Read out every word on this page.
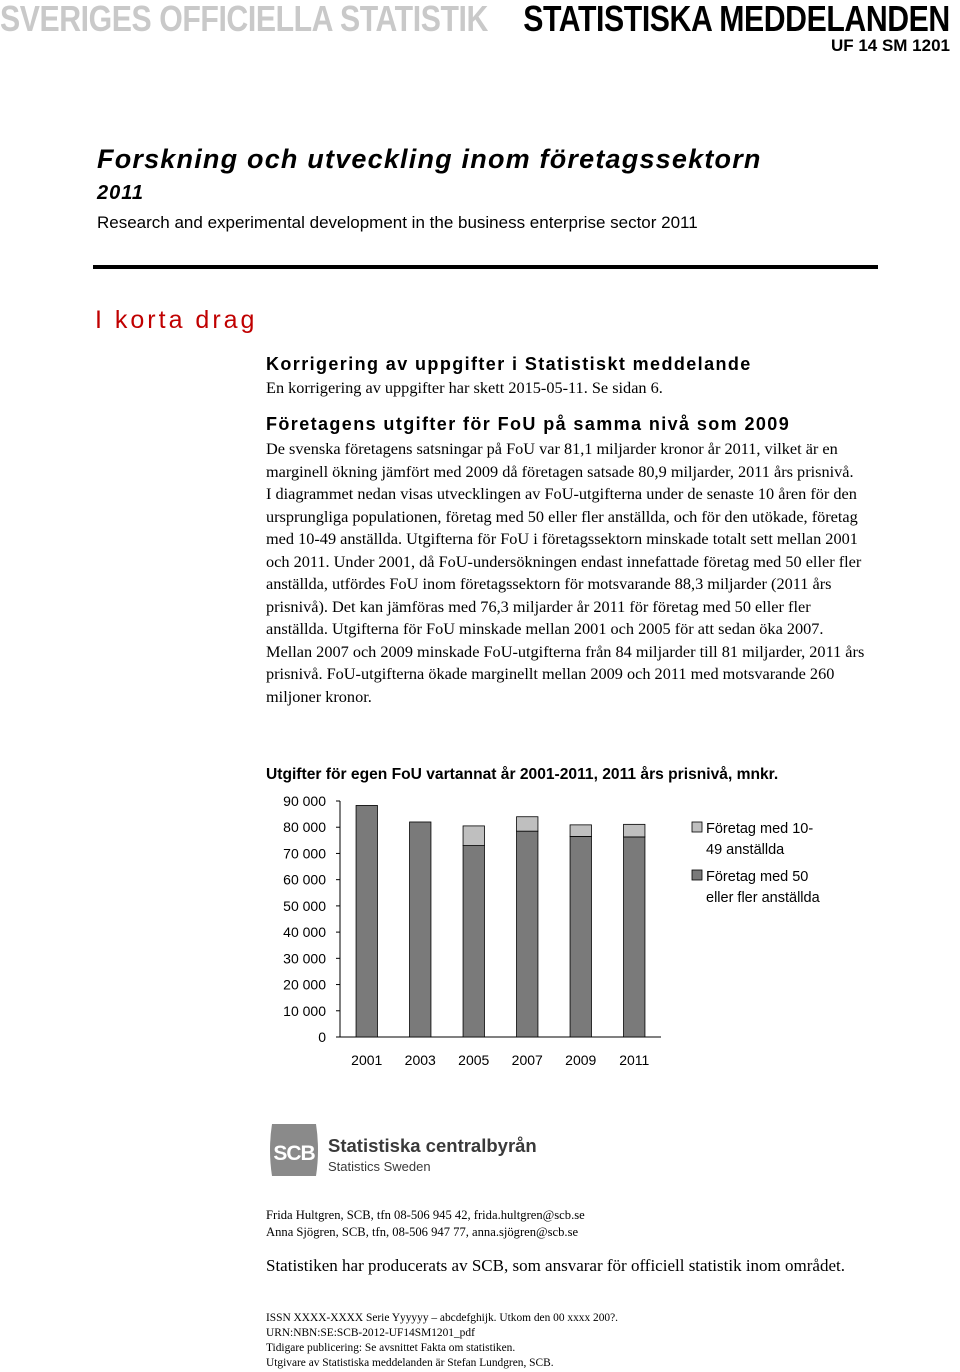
SVERIGES OFFICIELLA STATISTIK STATISTISKA MEDDELANDEN
UF 14 SM 1201
Forskning och utveckling inom företagssektorn
2011
Research and experimental development in the business enterprise sector 2011
I korta drag
Korrigering av uppgifter i Statistiskt meddelande

En korrigering av uppgifter har skett 2015-05-11. Se sidan 6.

Företagens utgifter för FoU på samma nivå som 2009

De svenska företagens satsningar på FoU var 81,1 miljarder kronor år 2011, vilket är en marginell ökning jämfört med 2009 då företagen satsade 80,9 miljarder, 2011 års prisnivå.

I diagrammet nedan visas utvecklingen av FoU-utgifterna under de senaste 10 åren för den ursprungliga populationen, företag med 50 eller fler anställda, och för den utökade, företag med 10-49 anställda. Utgifterna för FoU i företagssektorn minskade totalt sett mellan 2001 och 2011. Under 2001, då FoU-undersökningen endast innefattade företag med 50 eller fler anställda, utfördes FoU inom företagssektorn för motsvarande 88,3 miljarder (2011 års prisnivå). Det kan jämföras med 76,3 miljarder år 2011 för företag med 50 eller fler anställda. Utgifterna för FoU minskade mellan 2001 och 2005 för att sedan öka 2007. Mellan 2007 och 2009 minskade FoU-utgifterna från 84 miljarder till 81 miljarder, 2011 års prisnivå. FoU-utgifterna ökade marginellt mellan 2009 och 2011 med motsvarande 260 miljoner kronor.

Utgifter för egen FoU vartannat år 2001-2011, 2011 års prisnivå, mnkr.
0
10 000
20 000
30 000
40 000
50 000
60 000
70 000
80 000
90 000
2001 2003 2005 2007 2009 2011
Företag med 10-
49 anställda
Företag med 50
eller fler anställda
SCB Statistiska centralbyrån
Statistics Sweden
Frida Hultgren, SCB, tfn 08-506 945 42, frida.hultgren@scb.se
Anna Sjögren, SCB, tfn, 08-506 947 77, anna.sjögren@scb.se
Statistiken har producerats av SCB, som ansvarar för officiell statistik inom området.
ISSN XXXX-XXXX Serie Yyyyyy – abcdefghijk. Utkom den 00 xxxx 200?.
URN:NBN:SE:SCB-2012-UF14SM1201_pdf
Tidigare publicering: Se avsnittet Fakta om statistiken.
Utgivare av Statistiska meddelanden är Stefan Lundgren, SCB.
